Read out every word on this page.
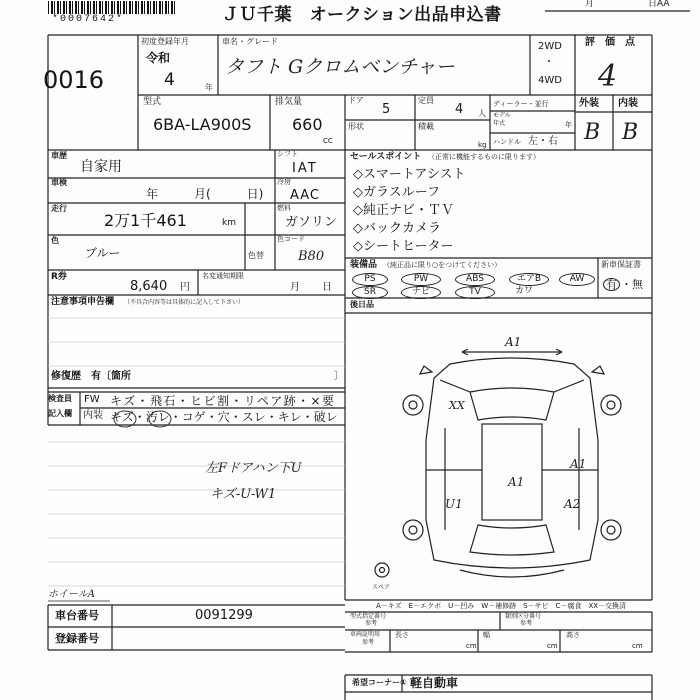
*0007642*	ＪＵ千葉　オークション出品申込書
月	日AA
0016
初度登録年月
令和
4	年
車名・グレード
タフト Gクロムベンチャー
2WD
・
4WD
評　価　点
4
型式
6BA-LA900S
排気量
660
CC
ドア
5
定員
4 人
形状	積載
kg
ディーラー・並行
モデル
年式	年
ハンドル 左・右
外装 内装
B B
車歴
自家用
シフト
IAT
車検
年　　　月(　　　日)
冷房
AAC
走行
2万1千461	km
燃料
ガソリン
色
ブルー	色替
色コード
B80
R券
8,640 円
名変通知期限
月 日
注意事項申告欄 （不具合内容等は具体的に記入して下さい）
修復歴　有〔箇所	〕
検査員
記入欄
FW キズ・飛石・ヒビ割・リペア跡・×要
内装 キズ・汚レ・コゲ・穴・スレ・キレ・破レ
左Fドアハン下U
キズ-U-W1
セールスポイント （正常に機能するものに限ります）
◇スマートアシスト
◇ガラスルーフ
◇純正ナビ・ＴＶ
◇バックカメラ
◇シートヒーター
装備品 （純正品に限り○をつけてください）
PS	PW	ABS	エアB	AW
SR	ナビ	TV	カワ
新車保証書
有 ・無
後日品
A1
XX
A1
A1
U1	A2
スペア
A－キズ　E－エクボ　U－凹み　W－補修跡　S－サビ　C－腐食　XX－交換済
ホイールA
車台番号	0091299
登録番号
型式指定番号
参考
類別区分番号
参考
車両証明用
参考
長さ
cm
幅
cm
高さ
cm
希望コーナー① 軽自動車
